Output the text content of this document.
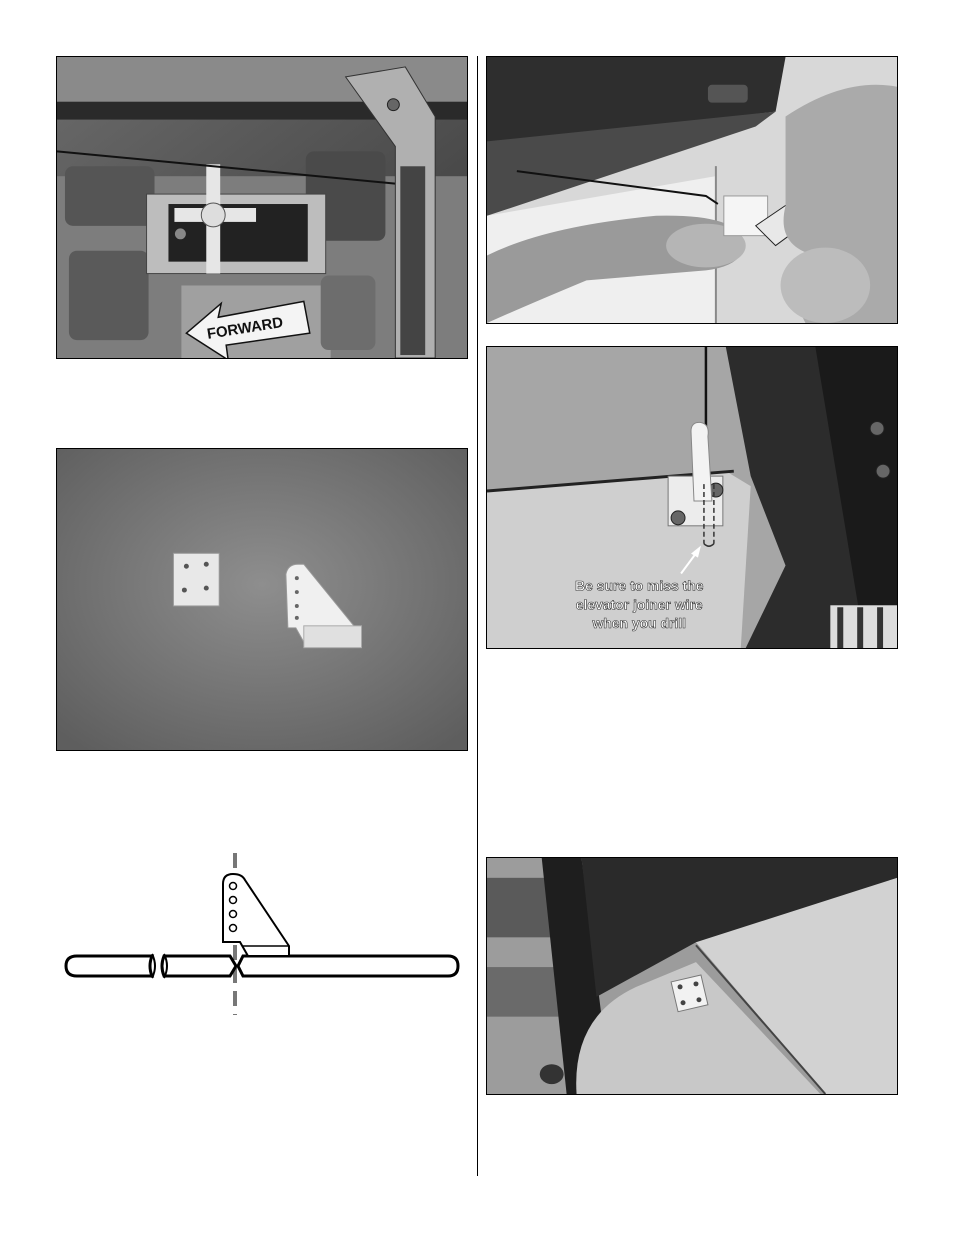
FORWARD
Be sure to miss the
elevator joiner wire
when you drill
